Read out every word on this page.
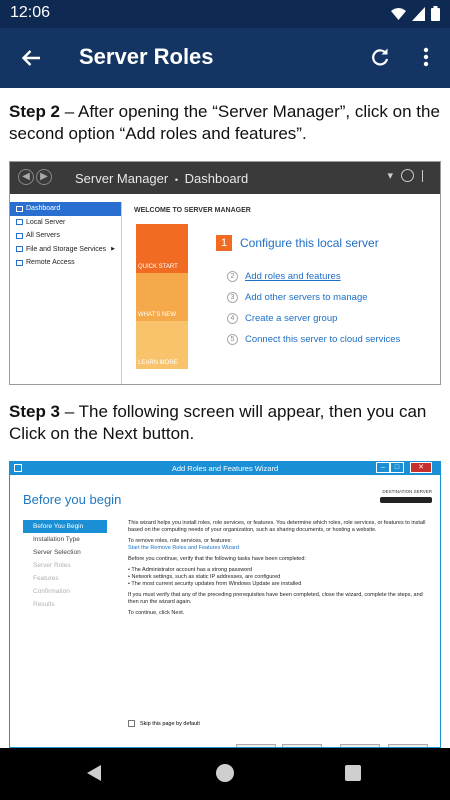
12:06
Server Roles

Step 2 – After opening the “Server Manager”, click on the second option “Add roles and features”.

◀	▶	Server Manager • Dashboard	▾
Dashboard
Local Server
All Servers
File and Storage Services ▶
Remote Access
WELCOME TO SERVER MANAGER
QUICK START
WHAT'S NEW
LEARN MORE
1	Configure this local server
2	Add roles and features
3	Add other servers to manage
4	Create a server group
5	Connect this server to cloud services

Step 3 – The following screen will appear, then you can Click on the Next button.

Add Roles and Features Wizard	–	□	✕
Before you begin
DESTINATION SERVER
Before You Begin
Installation Type
Server Selection
Server Roles
Features
Confirmation
Results

This wizard helps you install roles, role services, or features. You determine which roles, role services, or features to install based on the computing needs of your organization, such as sharing documents, or hosting a website.

To remove roles, role services, or features:

Start the Remove Roles and Features Wizard

Before you continue, verify that the following tasks have been completed:

• The Administrator account has a strong password

• Network settings, such as static IP addresses, are configured

• The most current security updates from Windows Update are installed

If you must verify that any of the preceding prerequisites have been completed, close the wizard, complete the steps, and then run the wizard again.

To continue, click Next.

Skip this page by default
